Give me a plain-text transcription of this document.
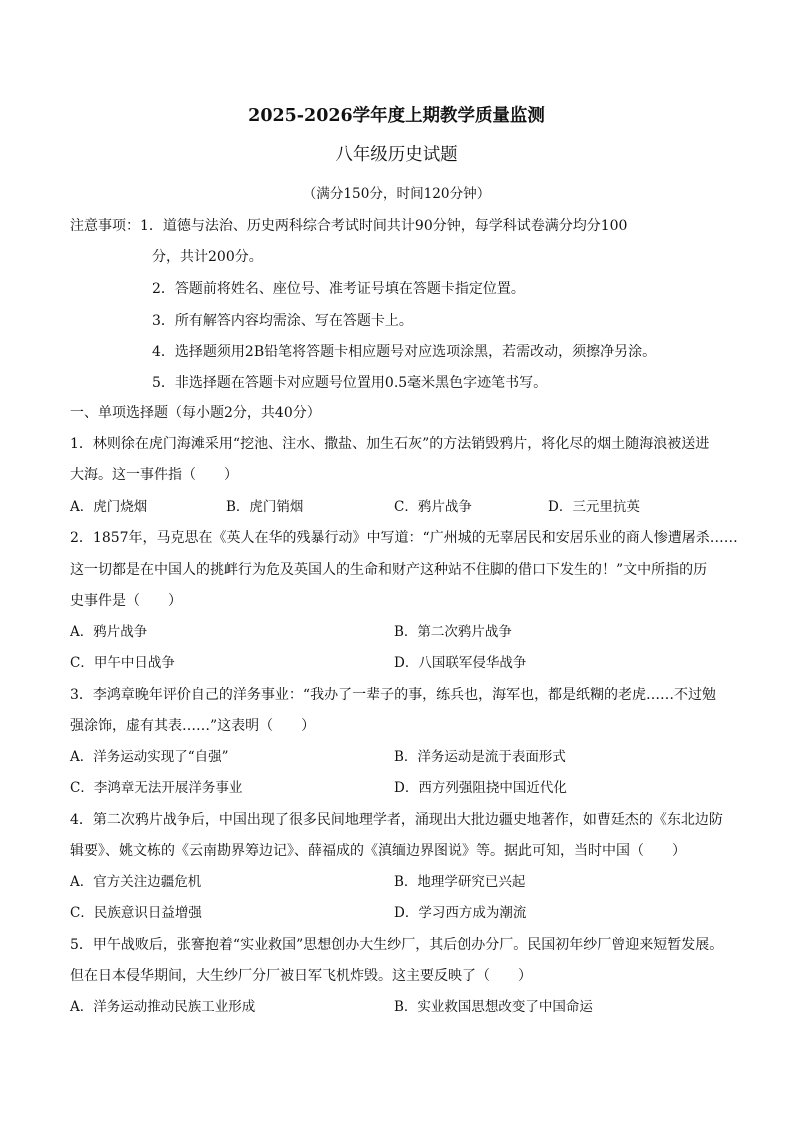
2025-2026学年度上期教学质量监测
八年级历史试题
（满分150分，时间120分钟）
注意事项：1．道德与法治、历史两科综合考试时间共计90分钟，每学科试卷满分均分100
分，共计200分。
2．答题前将姓名、座位号、准考证号填在答题卡指定位置。
3．所有解答内容均需涂、写在答题卡上。
4．选择题须用2B铅笔将答题卡相应题号对应选项涂黑，若需改动，须擦净另涂。
5．非选择题在答题卡对应题号位置用0.5毫米黑色字迹笔书写。
一、单项选择题（每小题2分，共40分）
1．林则徐在虎门海滩采用“挖池、注水、撒盐、加生石灰”的方法销毁鸦片，将化尽的烟土随海浪被送进
大海。这一事件指（　　）
A．虎门烧烟	B．虎门销烟	C．鸦片战争	D．三元里抗英
2．1857年，马克思在《英人在华的残暴行动》中写道：“广州城的无辜居民和安居乐业的商人惨遭屠杀……
这一切都是在中国人的挑衅行为危及英国人的生命和财产这种站不住脚的借口下发生的！”文中所指的历
史事件是（　　）
A．鸦片战争	B．第二次鸦片战争
C．甲午中日战争	D．八国联军侵华战争
3．李鸿章晚年评价自己的洋务事业：“我办了一辈子的事，练兵也，海军也，都是纸糊的老虎……不过勉
强涂饰，虚有其表……”这表明（　　）
A．洋务运动实现了“自强”	B．洋务运动是流于表面形式
C．李鸿章无法开展洋务事业	D．西方列强阻挠中国近代化
4．第二次鸦片战争后，中国出现了很多民间地理学者，涌现出大批边疆史地著作，如曹廷杰的《东北边防
辑要》、姚文栋的《云南勘界筹边记》、薛福成的《滇缅边界图说》等。据此可知，当时中国（　　）
A．官方关注边疆危机	B．地理学研究已兴起
C．民族意识日益增强	D．学习西方成为潮流
5．甲午战败后，张謇抱着“实业救国”思想创办大生纱厂，其后创办分厂。民国初年纱厂曾迎来短暂发展。
但在日本侵华期间，大生纱厂分厂被日军飞机炸毁。这主要反映了（　　）
A．洋务运动推动民族工业形成	B．实业救国思想改变了中国命运
